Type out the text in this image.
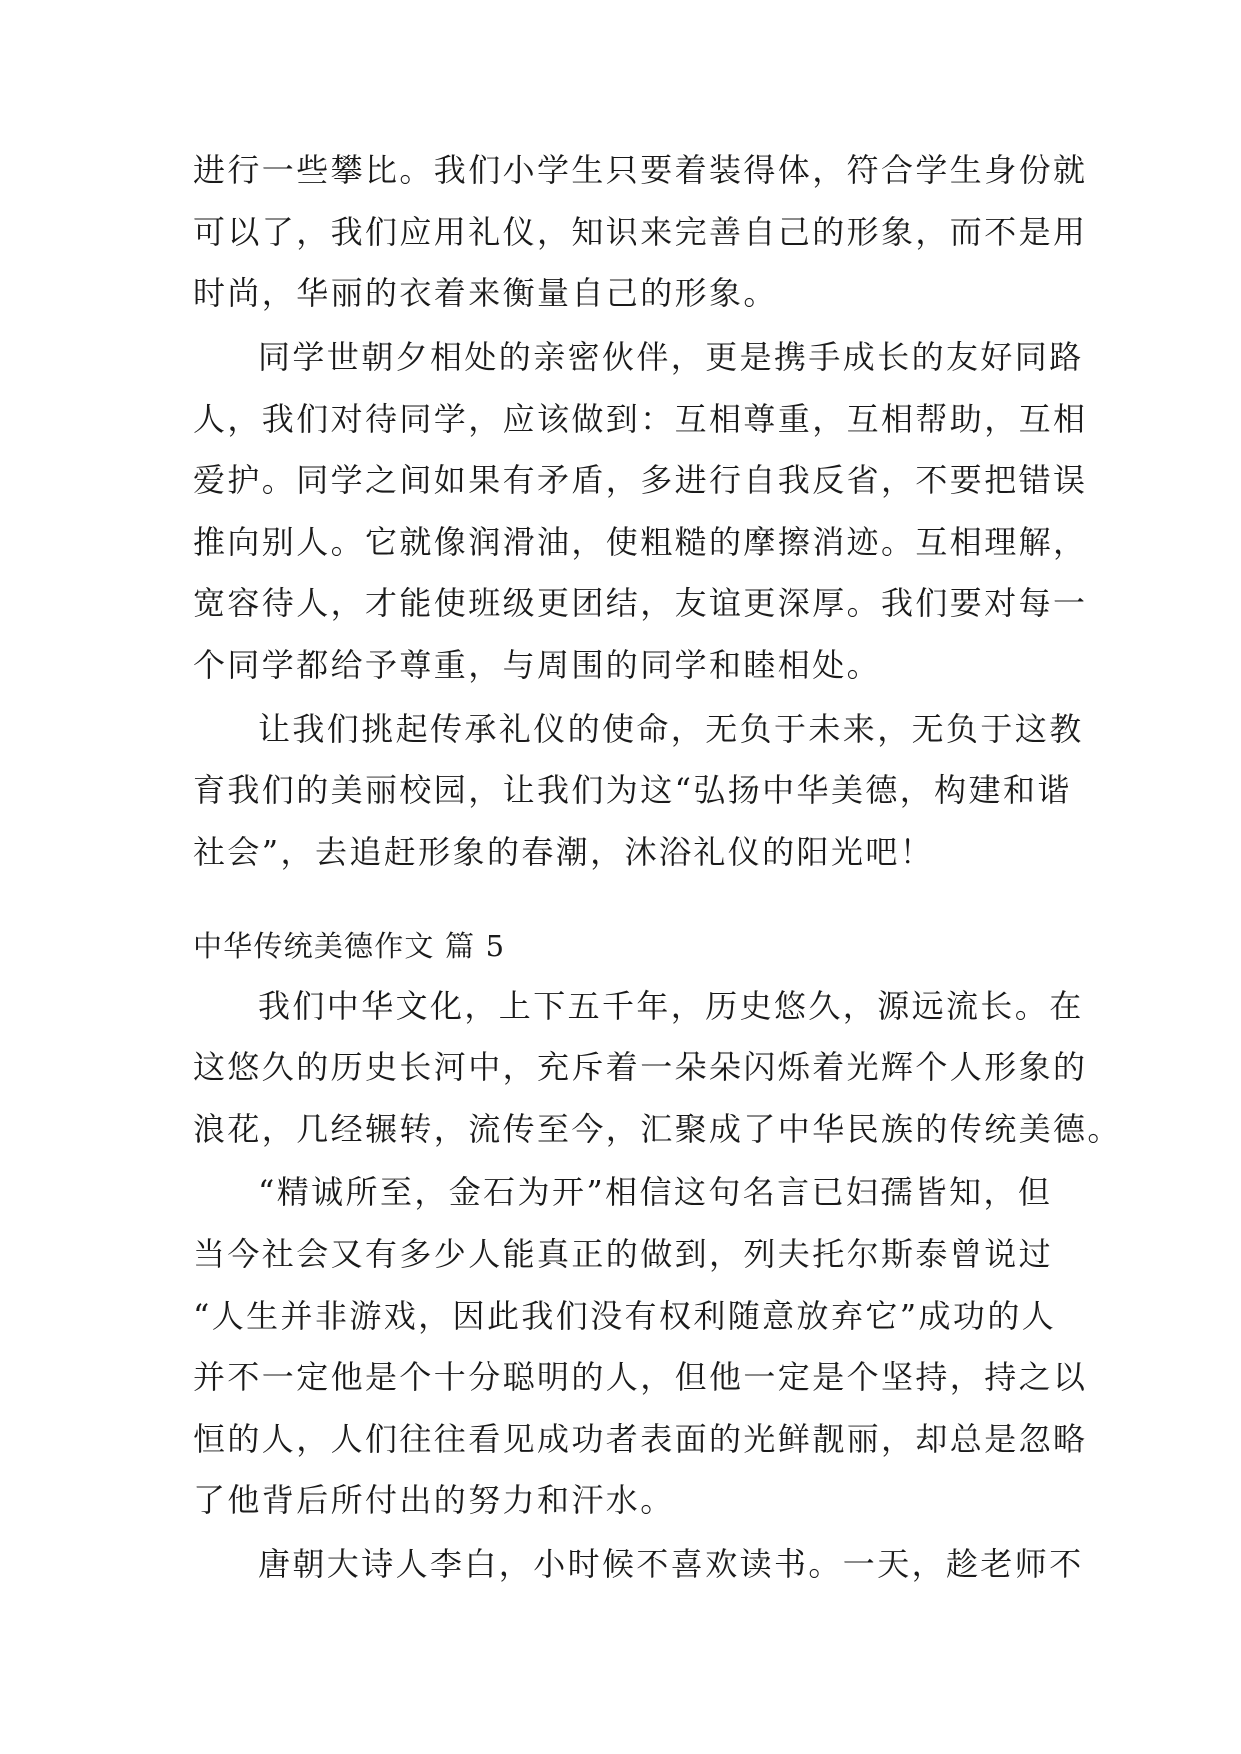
进行一些攀比。我们小学生只要着装得体，符合学生身份就
可以了，我们应用礼仪，知识来完善自己的形象，而不是用
时尚，华丽的衣着来衡量自己的形象。
同学世朝夕相处的亲密伙伴，更是携手成长的友好同路
人，我们对待同学，应该做到：互相尊重，互相帮助，互相
爱护。同学之间如果有矛盾，多进行自我反省，不要把错误
推向别人。它就像润滑油，使粗糙的摩擦消迹。互相理解，
宽容待人，才能使班级更团结，友谊更深厚。我们要对每一
个同学都给予尊重，与周围的同学和睦相处。
让我们挑起传承礼仪的使命，无负于未来，无负于这教
育我们的美丽校园，让我们为这“弘扬中华美德，构建和谐
社会”，去追赶形象的春潮，沐浴礼仪的阳光吧！
中华传统美德作文 篇 5
我们中华文化，上下五千年，历史悠久，源远流长。在
这悠久的历史长河中，充斥着一朵朵闪烁着光辉个人形象的
浪花，几经辗转，流传至今，汇聚成了中华民族的传统美德。
“精诚所至，金石为开”相信这句名言已妇孺皆知，但
当今社会又有多少人能真正的做到，列夫托尔斯泰曾说过
“人生并非游戏，因此我们没有权利随意放弃它”成功的人
并不一定他是个十分聪明的人，但他一定是个坚持，持之以
恒的人，人们往往看见成功者表面的光鲜靓丽，却总是忽略
了他背后所付出的努力和汗水。
唐朝大诗人李白，小时候不喜欢读书。一天，趁老师不
